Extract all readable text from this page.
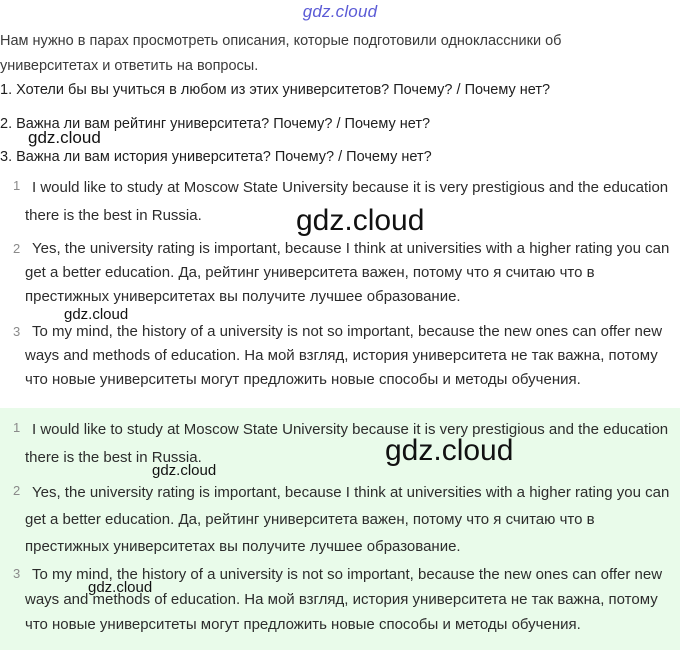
gdz.cloud
Нам нужно в парах просмотреть описания, которые подготовили одноклассники об университетах и ответить на вопросы.
1. Хотели бы вы учиться в любом из этих университетов? Почему? / Почему нет?
2. Важна ли вам рейтинг университета? Почему? / Почему нет?
3. Важна ли вам история университета? Почему? / Почему нет?
1 I would like to study at Moscow State University because it is very prestigious and the education there is the best in Russia.
2 Yes, the university rating is important, because I think at universities with a higher rating you can get a better education. Да, рейтинг университета важен, потому что я считаю что в престижных университетах вы получите лучшее образование.
3 To my mind, the history of a university is not so important, because the new ones can offer new ways and methods of education. На мой взгляд, история университета не так важна, потому что новые университеты могут предложить новые способы и методы обучения.
1 I would like to study at Moscow State University because it is very prestigious and the education there is the best in Russia.
2 Yes, the university rating is important, because I think at universities with a higher rating you can get a better education. Да, рейтинг университета важен, потому что я считаю что в престижных университетах вы получите лучшее образование.
3 To my mind, the history of a university is not so important, because the new ones can offer new ways and methods of education. На мой взгляд, история университета не так важна, потому что новые университеты могут предложить новые способы и методы обучения.
gdz.cloud
gdz.cloud
gdz.cloud
gdz.cloud
gdz.cloud
gdz.cloud
